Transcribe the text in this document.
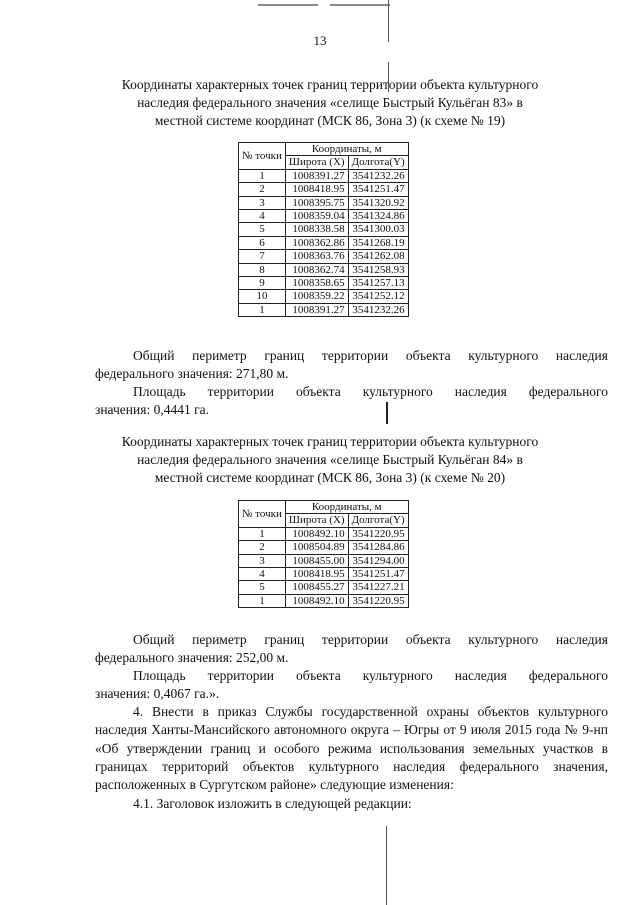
13
Координаты характерных точек границ территории объекта культурного
наследия федерального значения «селище Быстрый Кульёган 83» в
местной системе координат (МСК 86, Зона 3) (к схеме № 19)
№ точки	Координаты, м	
	Широта (X)	Долгота(Y)
1	1008391.27	3541232.26
2	1008418.95	3541251.47
3	1008395.75	3541320.92
4	1008359.04	3541324.86
5	1008338.58	3541300.03
6	1008362.86	3541268.19
7	1008363.76	3541262.08
8	1008362.74	3541258.93
9	1008358.65	3541257.13
10	1008359.22	3541252.12
1	1008391.27	3541232.26
Общий периметр границ территории объекта культурного наследия
федерального значения: 271,80 м.
Площадь территории объекта культурного наследия федерального
значения: 0,4441 га.
Координаты характерных точек границ территории объекта культурного
наследия федерального значения «селище Быстрый Кульёган 84» в
местной системе координат (МСК 86, Зона 3) (к схеме № 20)
№ точки	Координаты, м	
	Широта (X)	Долгота(Y)
1	1008492.10	3541220.95
2	1008504.89	3541284.86
3	1008455.00	3541294.00
4	1008418.95	3541251.47
5	1008455.27	3541227.21
1	1008492.10	3541220.95
Общий периметр границ территории объекта культурного наследия
федерального значения: 252,00 м.
Площадь территории объекта культурного наследия федерального
значения: 0,4067 га.».
4. Внести в приказ Службы государственной охраны объектов культурного наследия Ханты-Мансийского автономного округа – Югры от 9 июля 2015 года № 9-нп «Об утверждении границ и особого режима использования земельных участков в границах территорий объектов культурного наследия федерального значения, расположенных в Сургутском районе» следующие изменения:
4.1. Заголовок изложить в следующей редакции:
